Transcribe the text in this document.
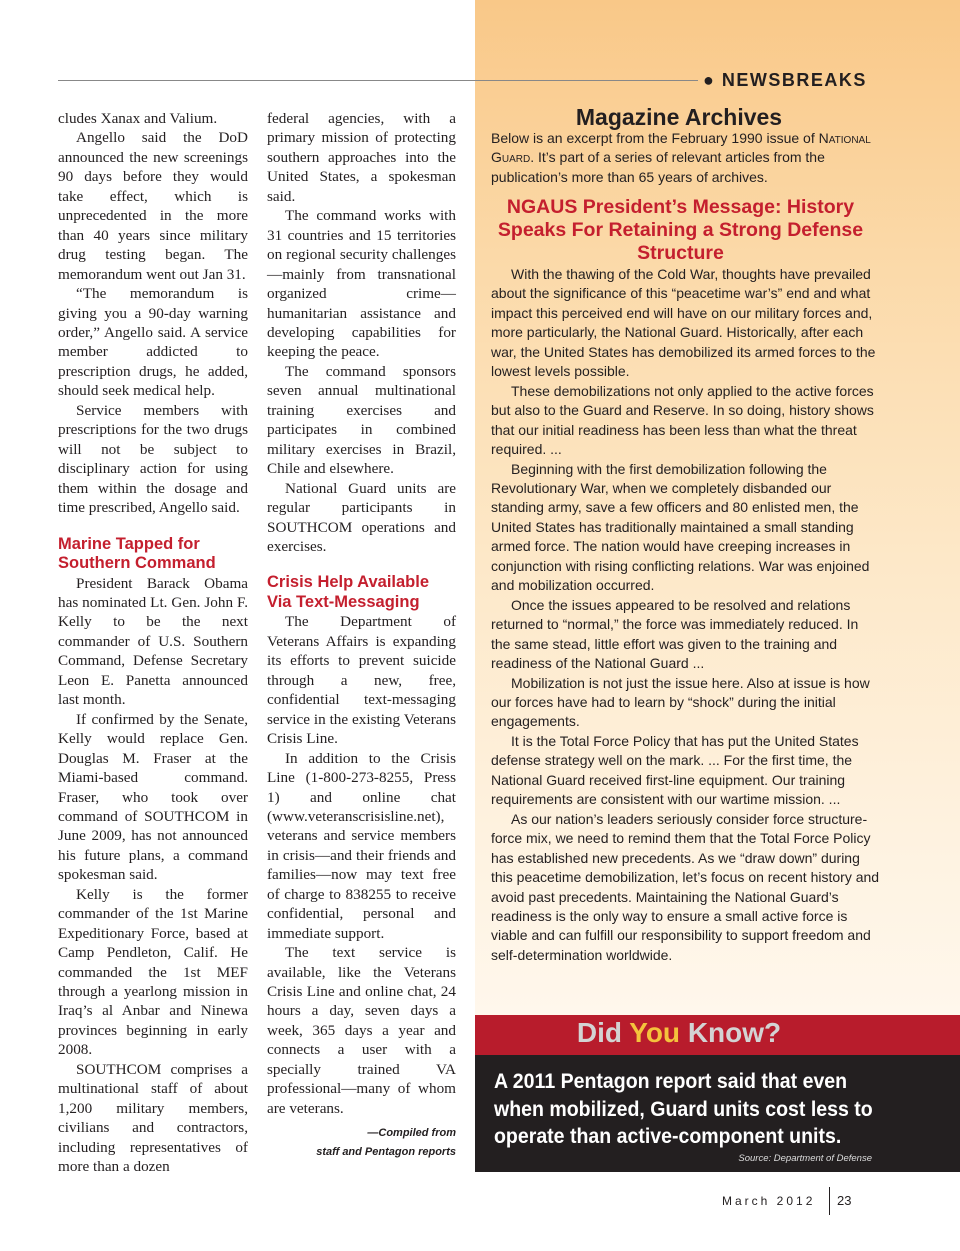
● NEWSBREAKS

cludes Xanax and Valium.

Angello said the DoD announced the new screenings 90 days before they would take effect, which is unprecedented in the more than 40 years since military drug testing began. The memorandum went out Jan 31.

“The memorandum is giving you a 90-day warning order,” Angello said. A service member addicted to prescription drugs, he added, should seek medical help.

Service members with prescriptions for the two drugs will not be subject to disciplinary action for using them within the dosage and time prescribed, Angello said.

Marine Tapped for Southern Command

President Barack Obama has nominated Lt. Gen. John F. Kelly to be the next commander of U.S. Southern Command, Defense Secretary Leon E. Panetta announced last month.

If confirmed by the Senate, Kelly would replace Gen. Douglas M. Fraser at the Miami-based command. Fraser, who took over command of SOUTHCOM in June 2009, has not announced his future plans, a command spokesman said.

Kelly is the former commander of the 1st Marine Expeditionary Force, based at Camp Pendleton, Calif. He commanded the 1st MEF through a yearlong mission in Iraq’s al Anbar and Ninewa provinces beginning in early 2008.

SOUTHCOM comprises a multinational staff of about 1,200 military members, civilians and contractors, including representatives of more than a dozen

federal agencies, with a primary mission of protecting southern approaches into the United States, a spokesman said.

The command works with 31 countries and 15 territories on regional security challenges—mainly from transnational organized crime—humanitarian assistance and developing capabilities for keeping the peace.

The command sponsors seven annual multinational training exercises and participates in combined military exercises in Brazil, Chile and elsewhere.

National Guard units are regular participants in SOUTHCOM operations and exercises.

Crisis Help Available Via Text-Messaging

The Department of Veterans Affairs is expanding its efforts to prevent suicide through a new, free, confidential text-messaging service in the existing Veterans Crisis Line.

In addition to the Crisis Line (1-800-273-8255, Press 1) and online chat (www.veteranscrisisline.net), veterans and service members in crisis—and their friends and families—now may text free of charge to 838255 to receive confidential, personal and immediate support.

The text service is available, like the Veterans Crisis Line and online chat, 24 hours a day, seven days a week, 365 days a year and connects a user with a specially trained VA professional—many of whom are veterans.

—Compiled from
staff and Pentagon reports
Magazine Archives
Below is an excerpt from the February 1990 issue of National Guard. It’s part of a series of relevant articles from the publication’s more than 65 years of archives.
NGAUS President’s Message: History Speaks For Retaining a Strong Defense Structure

With the thawing of the Cold War, thoughts have prevailed about the significance of this “peacetime war’s” end and what impact this perceived end will have on our military forces and, more particularly, the National Guard. Historically, after each war, the United States has demobilized its armed forces to the lowest levels possible.

These demobilizations not only applied to the active forces but also to the Guard and Reserve. In so doing, history shows that our initial readiness has been less than what the threat required. ...

Beginning with the first demobilization following the Revolutionary War, when we completely disbanded our standing army, save a few officers and 80 enlisted men, the United States has traditionally maintained a small standing armed force. The nation would have creeping increases in conjunction with rising conflicting relations. War was enjoined and mobilization occurred.

Once the issues appeared to be resolved and relations returned to “normal,” the force was immediately reduced. In the same stead, little effort was given to the training and readiness of the National Guard ...

Mobilization is not just the issue here. Also at issue is how our forces have had to learn by “shock” during the initial engagements.

It is the Total Force Policy that has put the United States defense strategy well on the mark. ... For the first time, the National Guard received first-line equipment. Our training requirements are consistent with our wartime mission. ...

As our nation’s leaders seriously consider force structure-force mix, we need to remind them that the Total Force Policy has established new precedents. As we “draw down” during this peacetime demobilization, let’s focus on recent history and avoid past precedents. Maintaining the National Guard’s readiness is the only way to ensure a small active force is viable and can fulfill our responsibility to support freedom and self-determination worldwide.

Did You Know?
A 2011 Pentagon report said that even when mobilized, Guard units cost less to operate than active-component units.
Source: Department of Defense
March 2012 23
